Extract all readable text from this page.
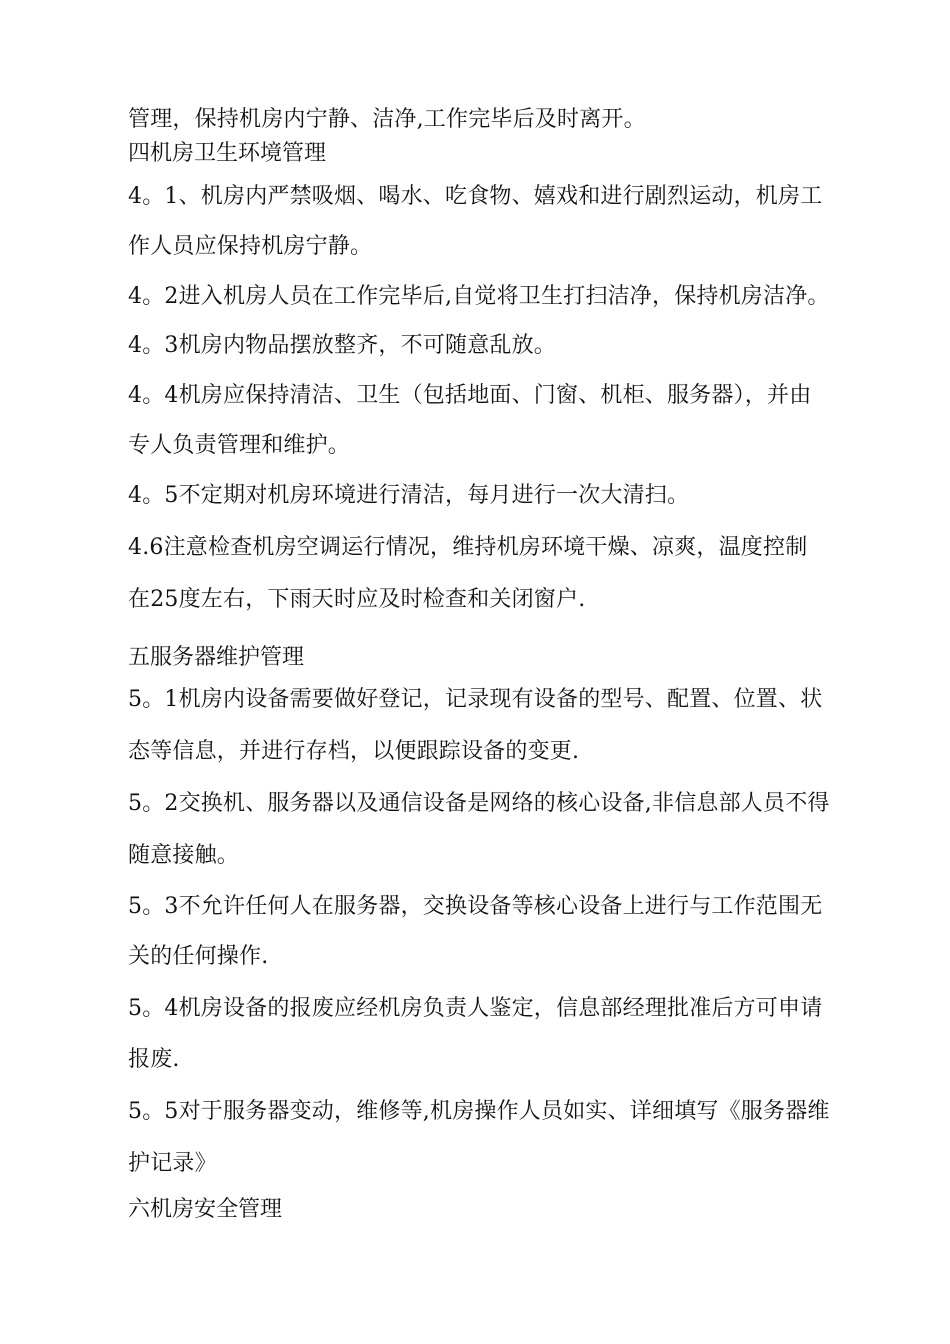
管理，保持机房内宁静、洁净,工作完毕后及时离开。
四机房卫生环境管理
4。1、机房内严禁吸烟、喝水、吃食物、嬉戏和进行剧烈运动，机房工
作人员应保持机房宁静。
4。2进入机房人员在工作完毕后,自觉将卫生打扫洁净，保持机房洁净。
4。3机房内物品摆放整齐，不可随意乱放。
4。4机房应保持清洁、卫生（包括地面、门窗、机柜、服务器），并由
专人负责管理和维护。
4。5不定期对机房环境进行清洁，每月进行一次大清扫。
4.6注意检查机房空调运行情况，维持机房环境干燥、凉爽，温度控制
在25度左右，下雨天时应及时检查和关闭窗户.
五服务器维护管理
5。1机房内设备需要做好登记，记录现有设备的型号、配置、位置、状
态等信息，并进行存档，以便跟踪设备的变更.
5。2交换机、服务器以及通信设备是网络的核心设备,非信息部人员不得
随意接触。
5。3不允许任何人在服务器，交换设备等核心设备上进行与工作范围无
关的任何操作.
5。4机房设备的报废应经机房负责人鉴定，信息部经理批准后方可申请
报废.
5。5对于服务器变动，维修等,机房操作人员如实、详细填写《服务器维
护记录》
六机房安全管理
